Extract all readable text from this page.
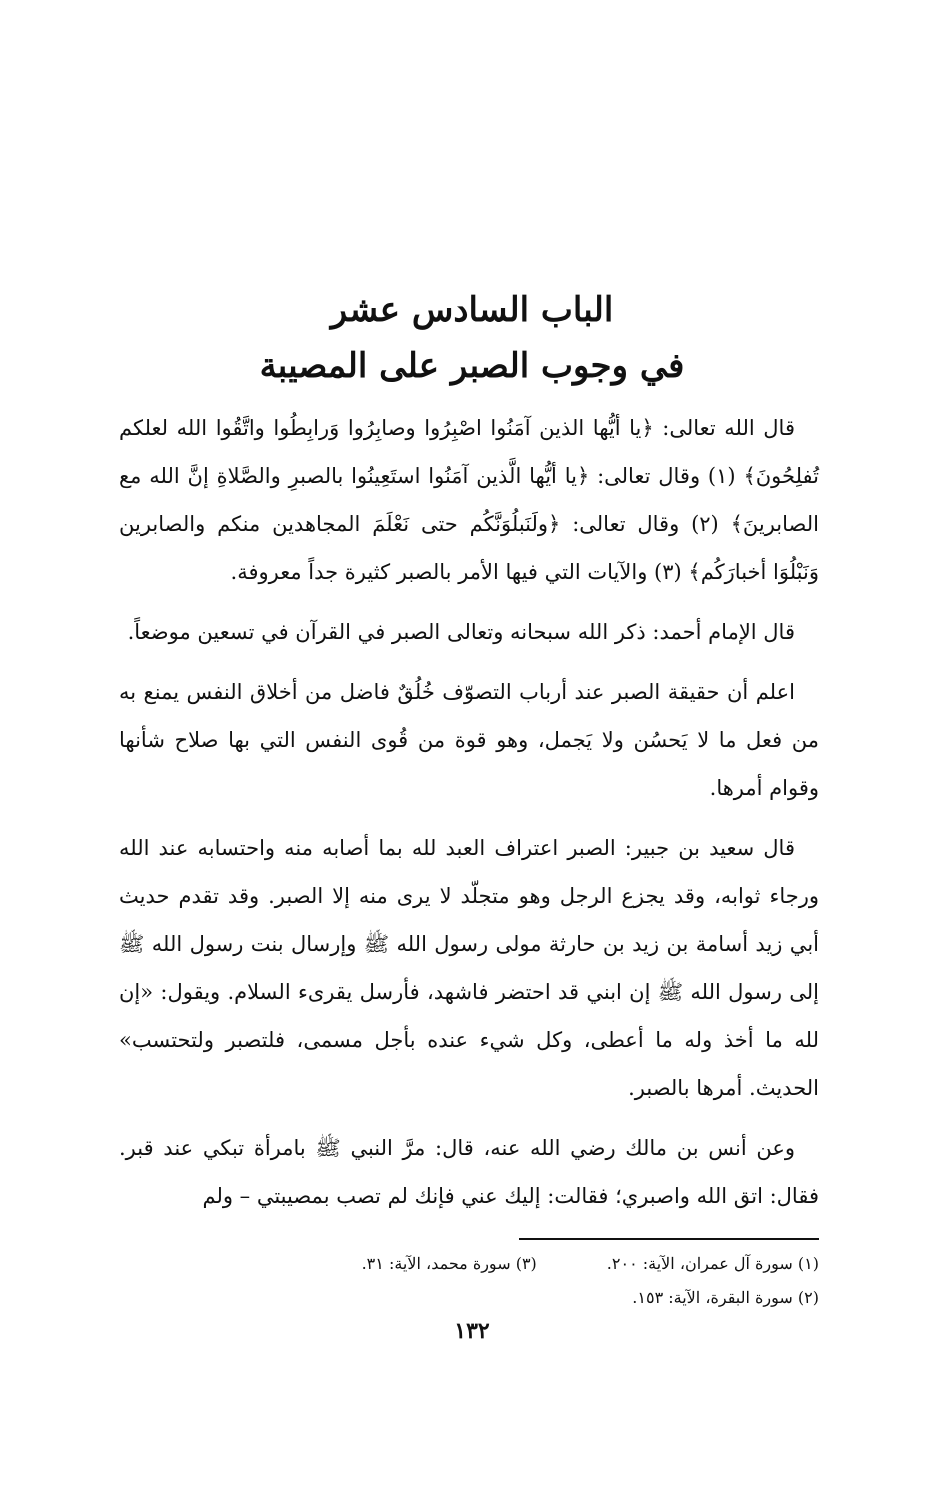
الباب السادس عشر
في وجوب الصبر على المصيبة

قال الله تعالى: ﴿يا أيُّها الذين آمَنُوا اصْبِرُوا وصابِرُوا وَرابِطُوا واتَّقُوا الله لعلكم تُفلِحُونَ﴾ (١) وقال تعالى: ﴿يا أيُّها الَّذين آمَنُوا استَعِينُوا بالصبرِ والصَّلاةِ إنَّ الله مع الصابرينَ﴾ (٢) وقال تعالى: ﴿ولَنَبلُوَنَّكُم حتى نَعْلَمَ المجاهدين منكم والصابرين وَنَبْلُوَا أخبارَكُم﴾ (٣) والآيات التي فيها الأمر بالصبر كثيرة جداً معروفة.

قال الإمام أحمد: ذكر الله سبحانه وتعالى الصبر في القرآن في تسعين موضعاً.

اعلم أن حقيقة الصبر عند أرباب التصوّف خُلُقٌ فاضل من أخلاق النفس يمنع به من فعل ما لا يَحسُن ولا يَجمل، وهو قوة من قُوى النفس التي بها صلاح شأنها وقوام أمرها.

قال سعيد بن جبير: الصبر اعتراف العبد لله بما أصابه منه واحتسابه عند الله ورجاء ثوابه، وقد يجزع الرجل وهو متجلّد لا يرى منه إلا الصبر. وقد تقدم حديث أبي زيد أسامة بن زيد بن حارثة مولى رسول الله ﷺ وإرسال بنت رسول الله ﷺ إلى رسول الله ﷺ إن ابني قد احتضر فاشهد، فأرسل يقرىء السلام. ويقول: «إن لله ما أخذ وله ما أعطى، وكل شيء عنده بأجل مسمى، فلتصبر ولتحتسب» الحديث. أمرها بالصبر.

وعن أنس بن مالك رضي الله عنه، قال: مرَّ النبي ﷺ بامرأة تبكي عند قبر. فقال: اتق الله واصبري؛ فقالت: إليك عني فإنك لم تصب بمصيبتي – ولم

(١) سورة آل عمران، الآية: ٢٠٠.
(٣) سورة محمد، الآية: ٣١.
(٢) سورة البقرة، الآية: ١٥٣.
١٣٢
